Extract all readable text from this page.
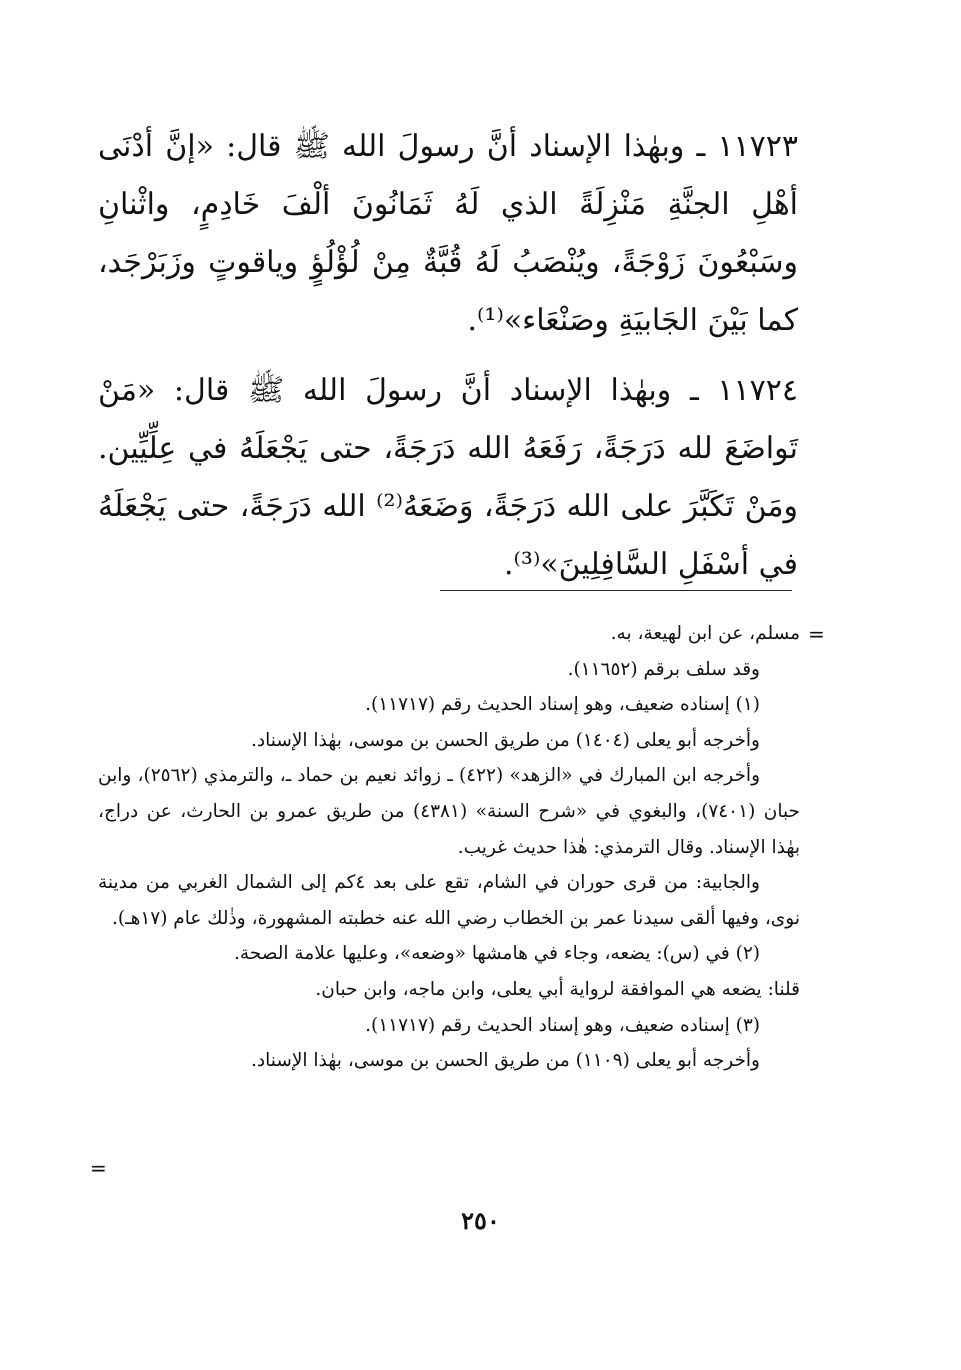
١١٧٢٣ ـ وبهٰذا الإسناد أنَّ رسولَ الله ﷺ قال: «إنَّ أدْنَى أهْلِ الجنَّةِ مَنْزِلَةً الذي لَهُ ثَمَانُونَ ألْفَ خَادِمٍ، واثْنانِ وسَبْعُونَ زَوْجَةً، ويُنْصَبُ لَهُ قُبَّةٌ مِنْ لُؤْلُؤٍ وياقوتٍ وزَبَرْجَد، كما بَيْنَ الجَابيَةِ وصَنْعَاء»⁽¹⁾.

١١٧٢٤ ـ وبهٰذا الإسناد أنَّ رسولَ الله ﷺ قال: «مَنْ تَواضَعَ لله دَرَجَةً، رَفَعَهُ الله دَرَجَةً، حتى يَجْعَلَهُ في عِلِّيِّين. ومَنْ تَكَبَّرَ على الله دَرَجَةً، وَضَعَهُ⁽²⁾ الله دَرَجَةً، حتى يَجْعَلَهُ في أسْفَلِ السَّافِلِينَ»⁽³⁾.

=

مسلم، عن ابن لهيعة، به.

وقد سلف برقم (١١٦٥٢).

(١) إسناده ضعيف، وهو إسناد الحديث رقم (١١٧١٧).

وأخرجه أبو يعلى (١٤٠٤) من طريق الحسن بن موسى، بهٰذا الإسناد.

وأخرجه ابن المبارك في «الزهد» (٤٢٢) ـ زوائد نعيم بن حماد ـ، والترمذي (٢٥٦٢)، وابن حبان (٧٤٠١)، والبغوي في «شرح السنة» (٤٣٨١) من طريق عمرو بن الحارث، عن دراج، بهٰذا الإسناد. وقال الترمذي: هٰذا حديث غريب.

والجابية: من قرى حوران في الشام، تقع على بعد ٤كم إلى الشمال الغربي من مدينة نوى، وفيها ألقى سيدنا عمر بن الخطاب رضي الله عنه خطبته المشهورة، وذٰلك عام (١٧هـ).

(٢) في (س): يضعه، وجاء في هامشها «وضعه»، وعليها علامة الصحة.

قلنا: يضعه هي الموافقة لرواية أبي يعلى، وابن ماجه، وابن حبان.

(٣) إسناده ضعيف، وهو إسناد الحديث رقم (١١٧١٧).

وأخرجه أبو يعلى (١١٠٩) من طريق الحسن بن موسى، بهٰذا الإسناد.

=
٢٥٠
